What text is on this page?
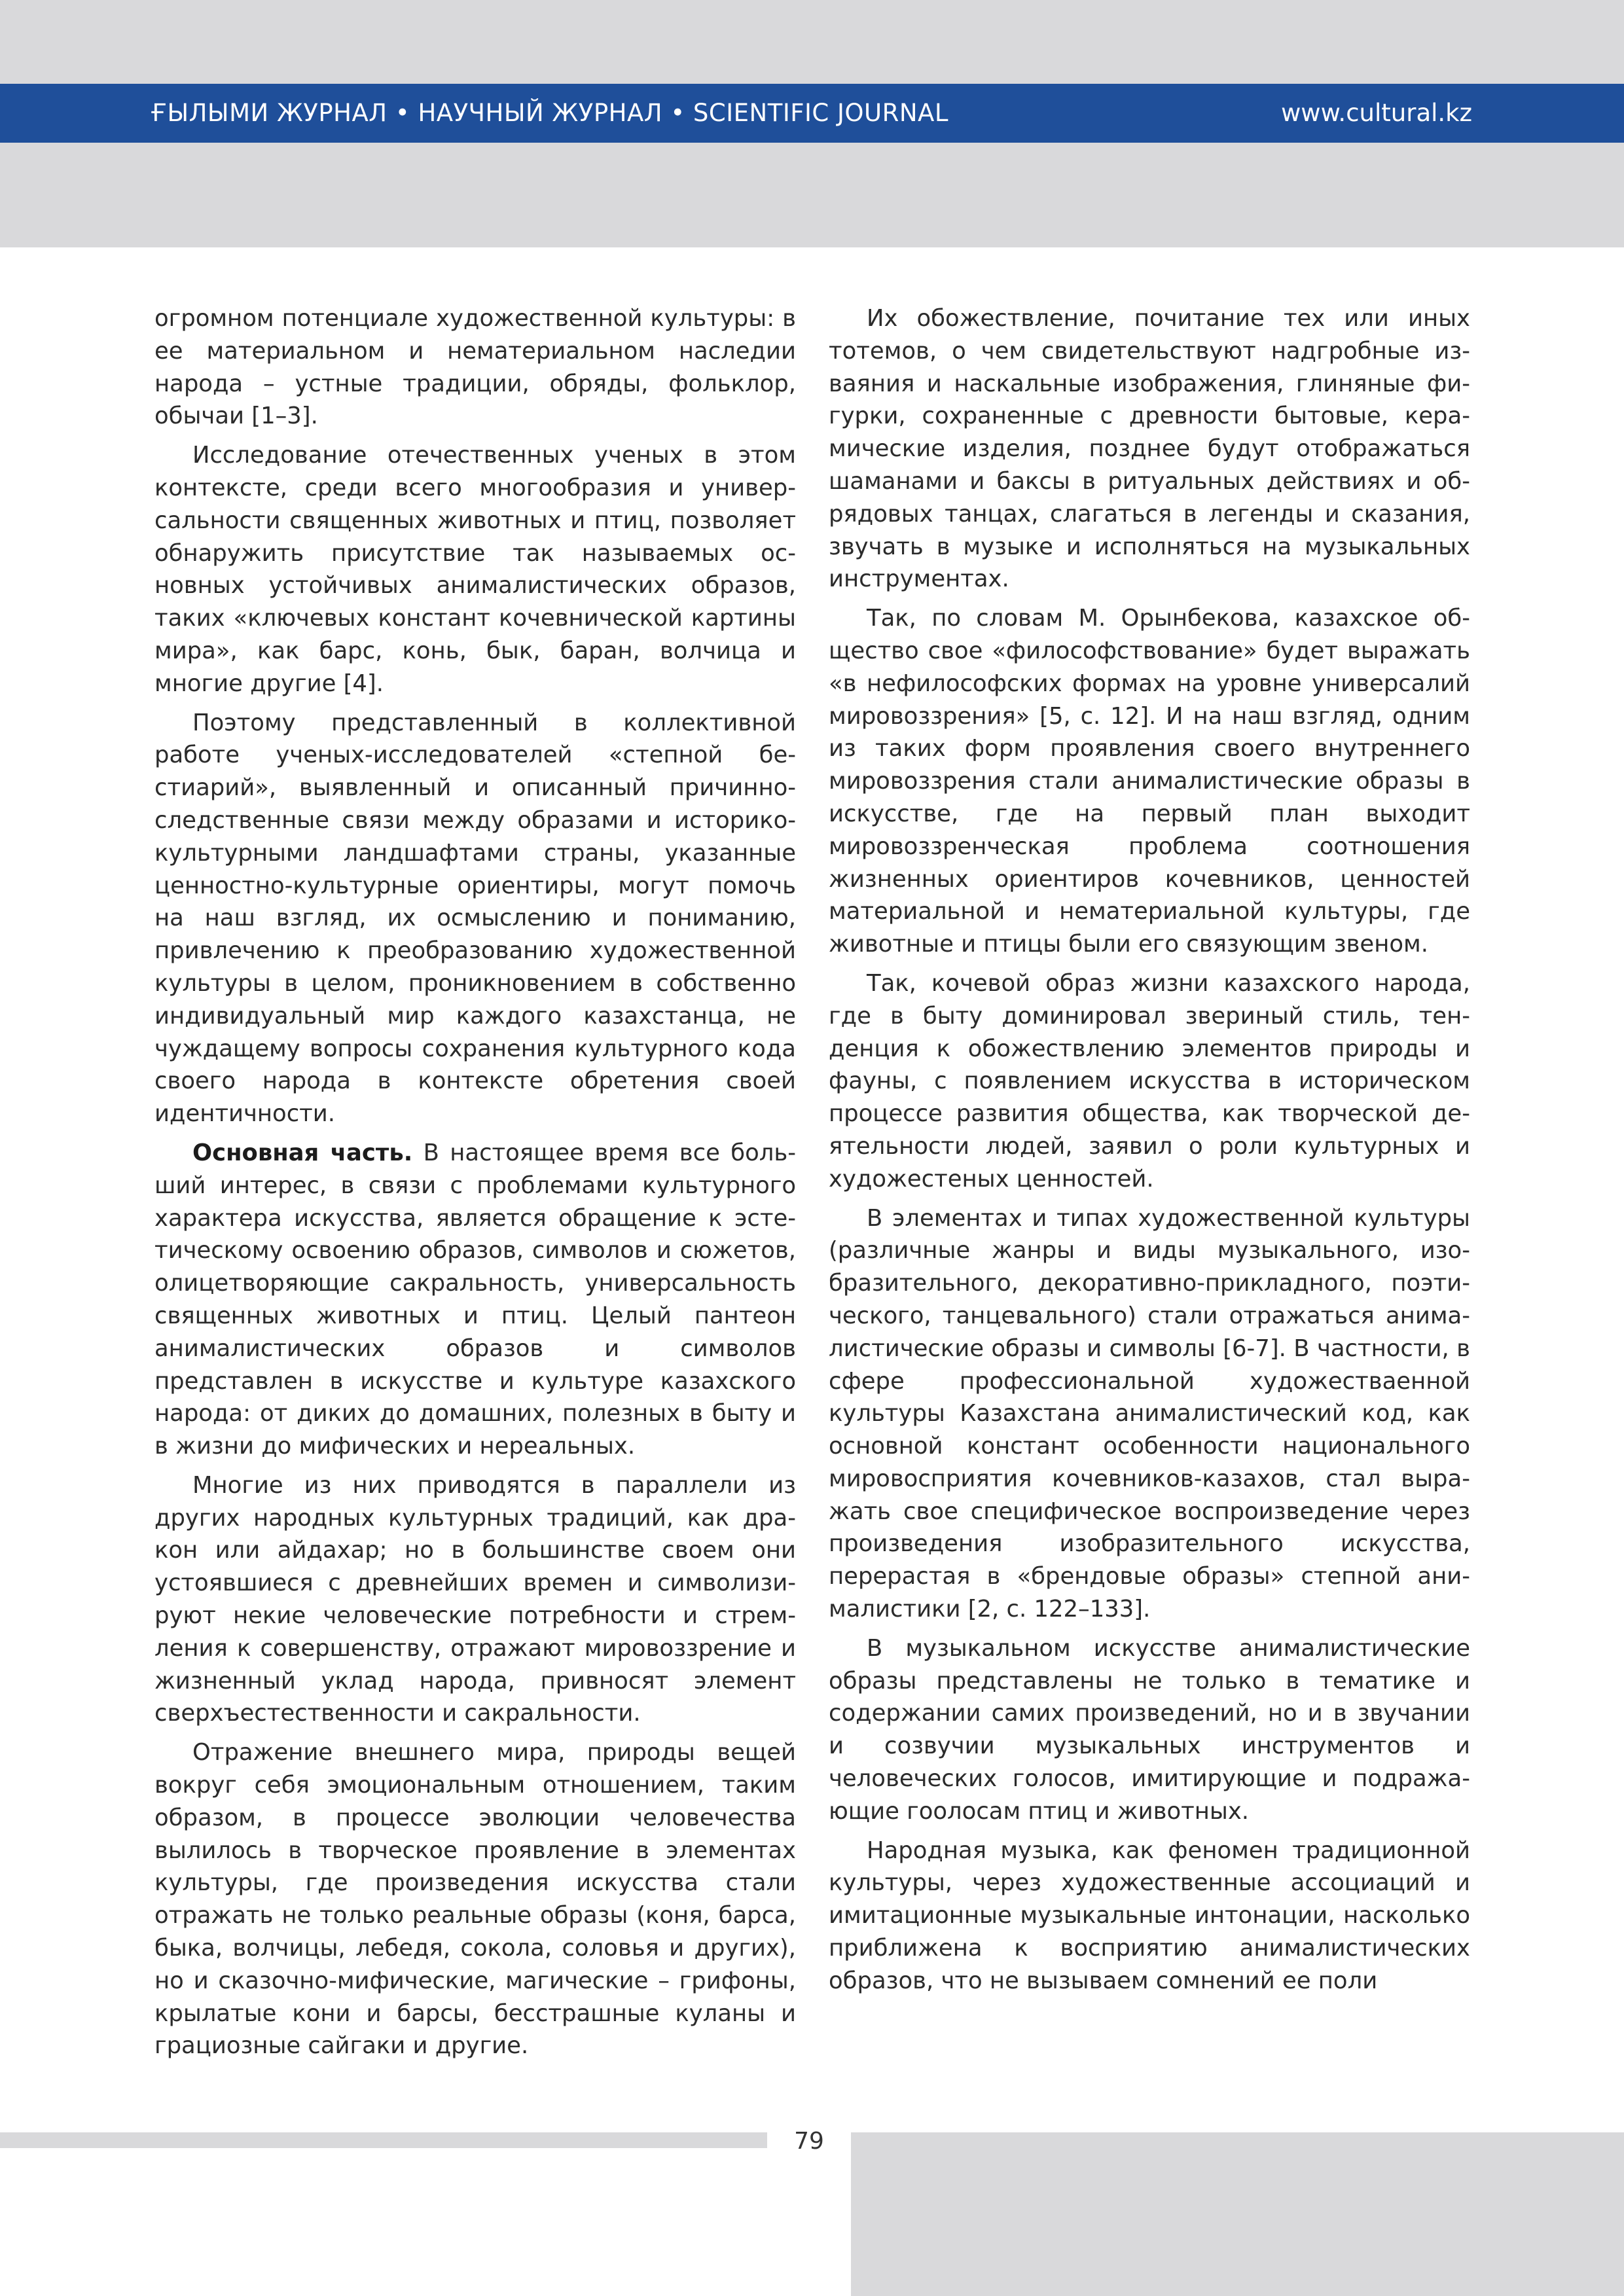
ҒЫЛЫМИ ЖУРНАЛ • НАУЧНЫЙ ЖУРНАЛ • SCIENTIFIC JOURNAL	www.cultural.kz

огромном потенциале художественной культуры: в ее материальном и нематериальном наследии народа – устные традиции, обряды, фольклор, обычаи [1–3].

Исследование отечественных ученых в этом контексте, среди всего многообразия и универсальности священных животных и птиц, позволяет обнаружить присутствие так называемых основных устойчивых анималистических образов, таких «ключевых констант кочевнической картины мира», как барс, конь, бык, баран, волчица и многие другие [4].

Поэтому представленный в коллективной работе ученых-исследователей «степной бестиарий», выявленный и описанный причинно-следственные связи между образами и историко-культурными ландшафтами страны, указанные ценностно-культурные ориентиры, могут помочь на наш взгляд, их осмыслению и пониманию, привлечению к преобразованию художественной культуры в целом, проникновением в собственно индивидуальный мир каждого казахстанца, не чуждащему вопросы сохранения культурного кода своего народа в контексте обретения своей идентичности.

Основная часть. В настоящее время все больший интерес, в связи с проблемами культурного характера искусства, является обращение к эстетическому освоению образов, символов и сюжетов, олицетворяющие сакральность, универсальность священных животных и птиц. Целый пантеон анималистических образов и символов представлен в искусстве и культуре казахского народа: от диких до домашних, полезных в быту и в жизни до мифических и нереальных.

Многие из них приводятся в параллели из других народных культурных традиций, как дракон или айдахар; но в большинстве своем они устоявшиеся с древнейших времен и символизируют некие человеческие потребности и стремления к совершенству, отражают мировоззрение и жизненный уклад народа, привносят элемент сверхъестественности и сакральности.

Отражение внешнего мира, природы вещей вокруг себя эмоциональным отношением, таким образом, в процессе эволюции человечества вылилось в творческое проявление в элементах культуры, где произведения искусства стали отражать не только реальные образы (коня, барса, быка, волчицы, лебедя, сокола, соловья и других), но и сказочно-мифические, магические – грифоны, крылатые кони и барсы, бесстрашные куланы и грациозные сайгаки и другие.

Их обожествление, почитание тех или иных тотемов, о чем свидетельствуют надгробные изваяния и наскальные изображения, глиняные фигурки, сохраненные с древности бытовые, керамические изделия, позднее будут отображаться шаманами и баксы в ритуальных действиях и обрядовых танцах, слагаться в легенды и сказания, звучать в музыке и исполняться на музыкальных инструментах.

Так, по словам М. Орынбекова, казахское общество свое «философствование» будет выражать «в нефилософских формах на уровне универсалий мировоззрения» [5, с. 12]. И на наш взгляд, одним из таких форм проявления своего внутреннего мировоззрения стали анималистические образы в искусстве, где на первый план выходит мировоззренческая проблема соотношения жизненных ориентиров кочевников, ценностей материальной и нематериальной культуры, где животные и птицы были его связующим звеном.

Так, кочевой образ жизни казахского народа, где в быту доминировал звериный стиль, тенденция к обожествлению элементов природы и фауны, с появлением искусства в историческом процессе развития общества, как творческой деятельности людей, заявил о роли культурных и художестеных ценностей.

В элементах и типах художественной культуры (различные жанры и виды музыкального, изобразительного, декоративно-прикладного, поэтического, танцевального) стали отражаться анималистические образы и символы [6-7]. В частности, в сфере профессиональной художестваенной культуры Казахстана анималистический код, как основной констант особенности национального мировосприятия кочевников-казахов, стал выражать свое специфическое воспроизведение через произведения изобразительного искусства, перерастая в «брендовые образы» степной анималистики [2, с. 122–133].

В музыкальном искусстве анималистические образы представлены не только в тематике и содержании самих произведений, но и в звучании и созвучии музыкальных инструментов и человеческих голосов, имитирующие и подражающие гоолосам птиц и животных.

Народная музыка, как феномен традиционной культуры, через художественные ассоциаций и имитационные музыкальные интонации, насколько приближена к восприятию анималистических образов, что не вызываем сомнений ее поли

79
